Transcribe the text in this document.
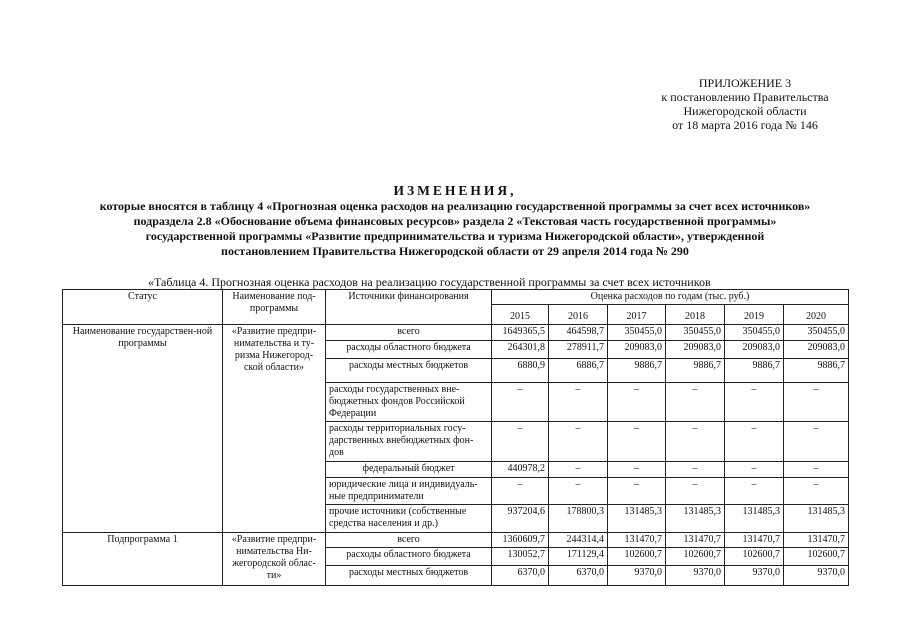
ПРИЛОЖЕНИЕ 3
к постановлению Правительства
Нижегородской области
от 18 марта 2016 года № 146
ИЗМЕНЕНИЯ,
которые вносятся в таблицу 4 «Прогнозная оценка расходов на реализацию государственной программы за счет всех источников»
подраздела 2.8 «Обоснование объема финансовых ресурсов» раздела 2 «Текстовая часть государственной программы»
государственной программы «Развитие предпринимательства и туризма Нижегородской области», утвержденной
постановлением Правительства Нижегородской области от 29 апреля 2014 года № 290
«Таблица 4. Прогнозная оценка расходов на реализацию государственной программы за счет всех источников
Статус	Наименование под-программы	Источники финансирования	Оценка расходов по годам (тыс. руб.)					
			2015	2016	2017	2018	2019	2020
Наименование государствен-ной программы	«Развитие предпри-нимательства и ту-ризма Нижегород-ской области»	всего	1649365,5	464598,7	350455,0	350455,0	350455,0	350455,0
		расходы областного бюджета	264301,8	278911,7	209083,0	209083,0	209083,0	209083,0
		расходы местных бюджетов	6880,9	6886,7	9886,7	9886,7	9886,7	9886,7
		расходы государственных вне-бюджетных фондов Российской Федерации	–	–	–	–	–	–
		расходы территориальных госу-дарственных внебюджетных фон-дов	–	–	–	–	–	–
		федеральный бюджет	440978,2	–	–	–	–	–
		юридические лица и индивидуаль-ные предприниматели	–	–	–	–	–	–
		прочие источники (собственные средства населения и др.)	937204,6	178800,3	131485,3	131485,3	131485,3	131485,3
Подпрограмма 1	«Развитие предпри-нимательства Ни-жегородской облас-ти»	всего	1360609,7	244314,4	131470,7	131470,7	131470,7	131470,7
		расходы областного бюджета	130052,7	171129,4	102600,7	102600,7	102600,7	102600,7
		расходы местных бюджетов	6370,0	6370,0	9370,0	9370,0	9370,0	9370,0
